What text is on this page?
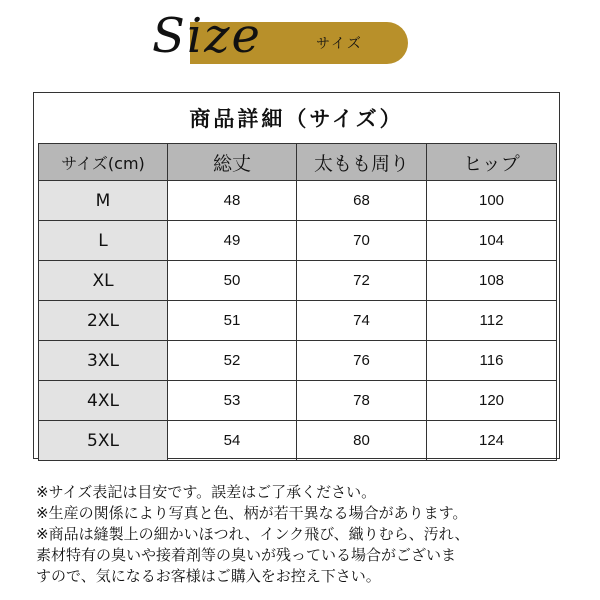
Size	サイズ
商品詳細（サイズ）
サイズ(cm)	総丈	太もも周り	ヒップ
M	48	68	100
L	49	70	104
XL	50	72	108
2XL	51	74	112
3XL	52	76	116
4XL	53	78	120
5XL	54	80	124
※サイズ表記は目安です。誤差はご了承ください。
※生産の関係により写真と色、柄が若干異なる場合があります。
※商品は縫製上の細かいほつれ、インク飛び、織りむら、汚れ、
素材特有の臭いや接着剤等の臭いが残っている場合がございま
すので、気になるお客様はご購入をお控え下さい。
